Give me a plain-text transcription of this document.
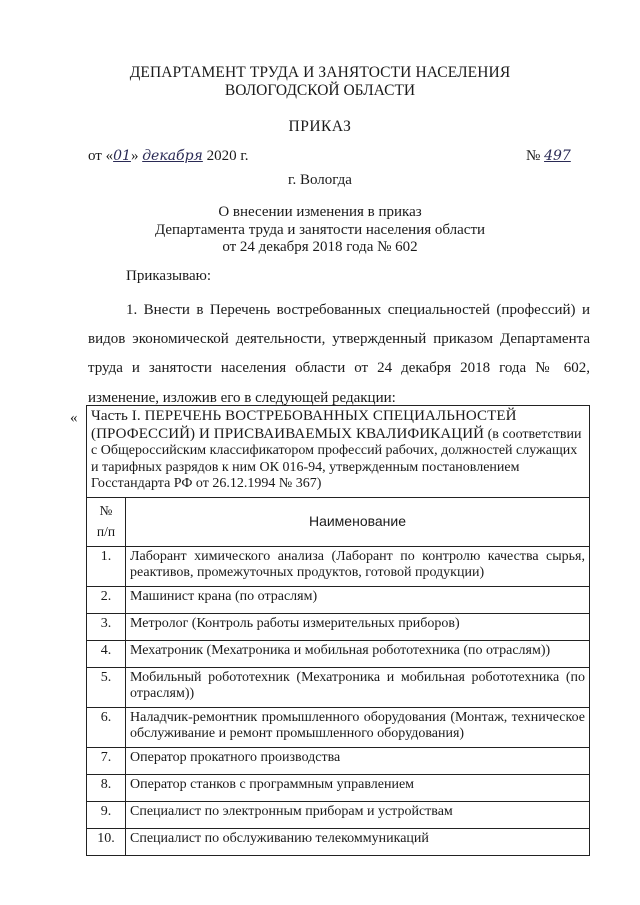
ДЕПАРТАМЕНТ ТРУДА И ЗАНЯТОСТИ НАСЕЛЕНИЯ
ВОЛОГОДСКОЙ ОБЛАСТИ
ПРИКАЗ
от «01» декабря 2020 г.	№ 497
г. Вологда
О внесении изменения в приказ
Департамента труда и занятости населения области
от 24 декабря 2018 года № 602
Приказываю:
1. Внести в Перечень востребованных специальностей (профессий) и видов экономической деятельности, утвержденный приказом Департамента труда и занятости населения области от 24 декабря 2018 года № 602, изменение, изложив его в следующей редакции:
« Часть I. ПЕРЕЧЕНЬ ВОСТРЕБОВАННЫХ СПЕЦИАЛЬНОСТЕЙ (ПРОФЕССИЙ) И ПРИСВАИВАЕМЫХ КВАЛИФИКАЦИЙ (в соответствии с Общероссийским классификатором профессий рабочих, должностей служащих и тарифных разрядов к ним ОК 016-94, утвержденным постановлением Госстандарта РФ от 26.12.1994 № 367)	

№
п/п	Наименование
1.	Лаборант химического анализа (Лаборант по контролю качества сырья, реактивов, промежуточных продуктов, готовой продукции)
2.	Машинист крана (по отраслям)
3.	Метролог (Контроль работы измерительных приборов)
4.	Мехатроник (Мехатроника и мобильная робототехника (по отраслям))
5.	Мобильный робототехник (Мехатроника и мобильная робототехника (по отраслям))
6.	Наладчик-ремонтник промышленного оборудования (Монтаж, техническое обслуживание и ремонт промышленного оборудования)
7.	Оператор прокатного производства
8.	Оператор станков с программным управлением
9.	Специалист по электронным приборам и устройствам
10.	Специалист по обслуживанию телекоммуникаций
